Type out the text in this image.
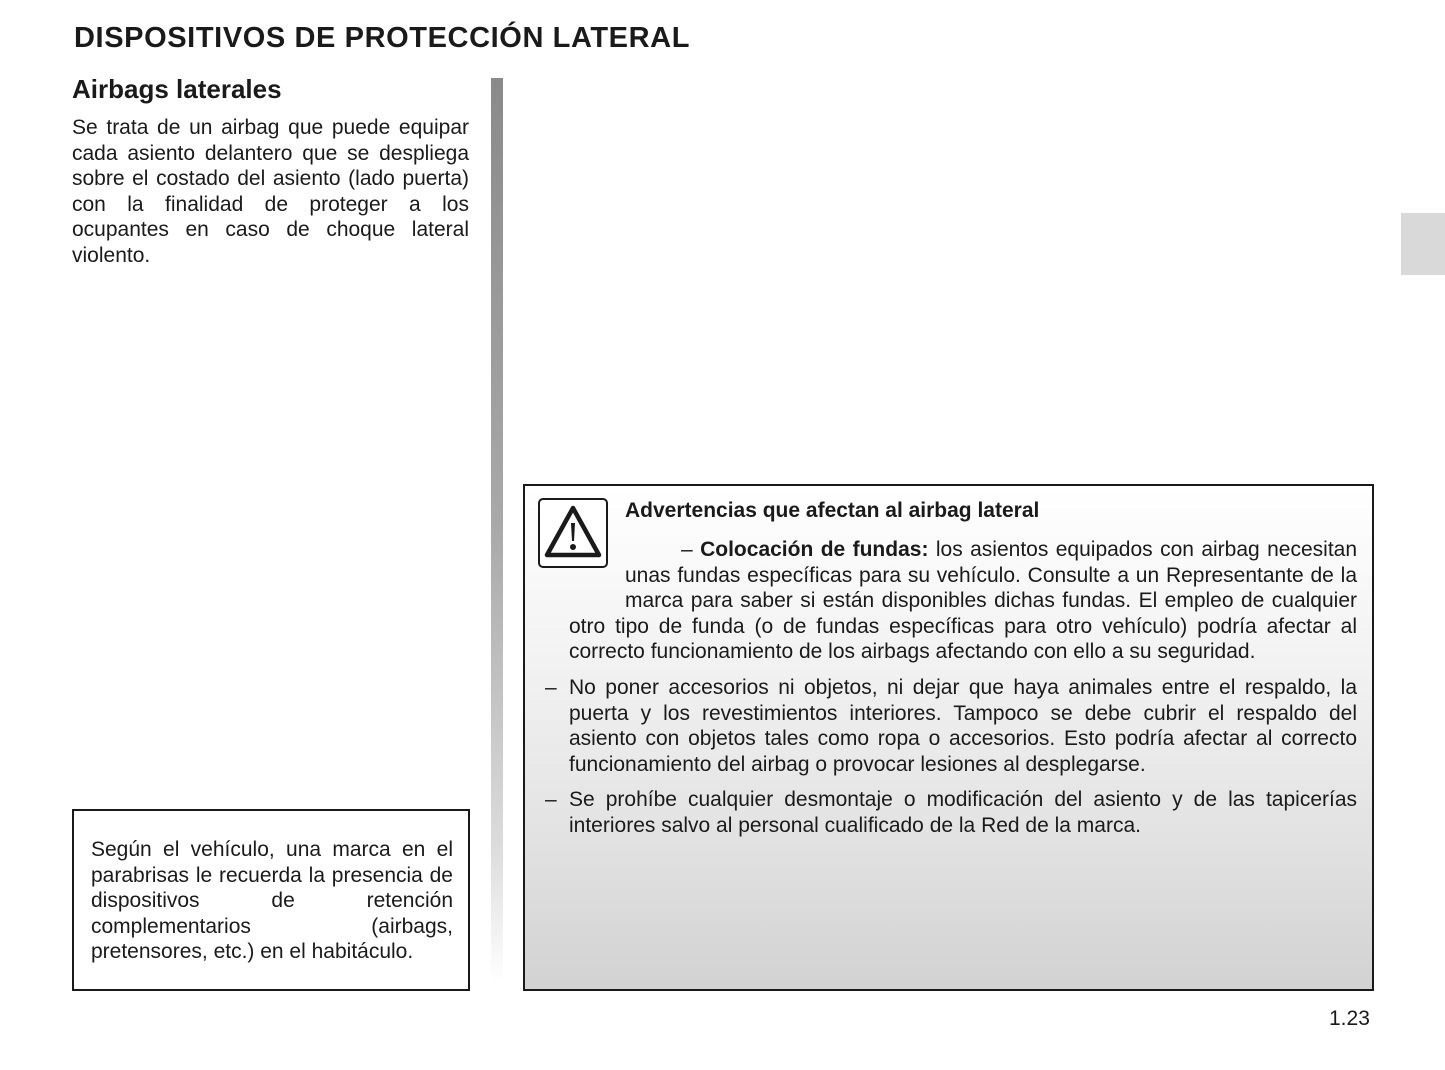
DISPOSITIVOS DE PROTECCIÓN LATERAL
Airbags laterales

Se trata de un airbag que puede equipar cada asiento delantero que se despliega sobre el costado del asiento (lado puerta) con la finalidad de proteger a los ocupantes en caso de choque lateral violento.

Según el vehículo, una marca en el parabrisas le recuerda la presencia de dispositivos de retención complementarios (airbags, pretensores, etc.) en el habitáculo.

Advertencias que afectan al airbag lateral
– Colocación de fundas: los asientos equipados con airbag necesitan unas fundas específicas para su vehículo. Consulte a un Representante de la marca para saber si están disponibles dichas fundas. El empleo de cualquier otro tipo de funda (o de fundas específicas para otro vehículo) podría afectar al correcto funcionamiento de los airbags afectando con ello a su seguridad.
– No poner accesorios ni objetos, ni dejar que haya animales entre el respaldo, la puerta y los revestimientos interiores. Tampoco se debe cubrir el respaldo del asiento con objetos tales como ropa o accesorios. Esto podría afectar al correcto funcionamiento del airbag o provocar lesiones al desplegarse.
– Se prohíbe cualquier desmontaje o modificación del asiento y de las tapicerías interiores salvo al personal cualificado de la Red de la marca.

1.23
